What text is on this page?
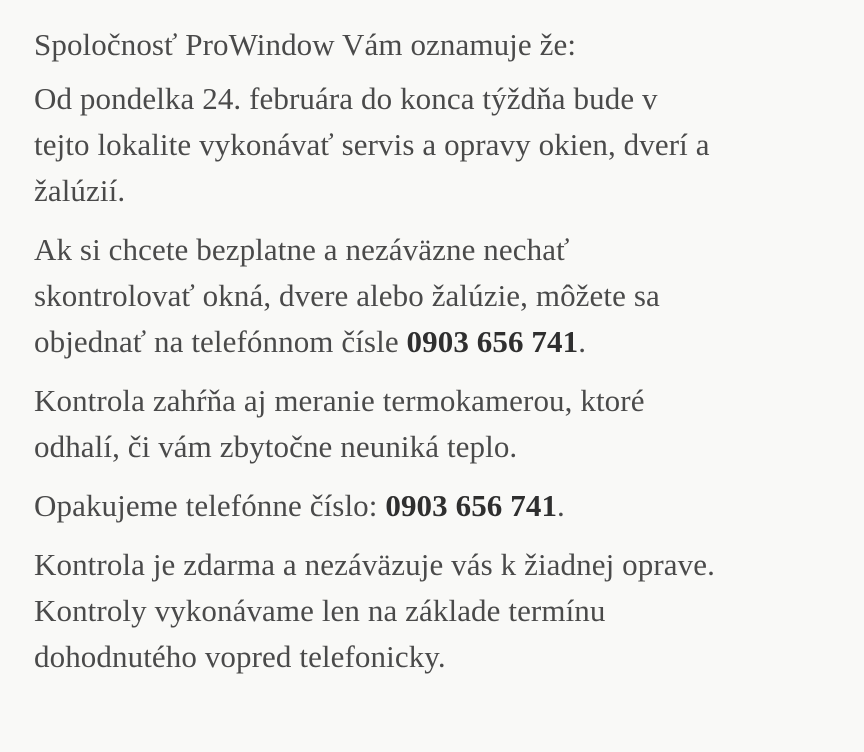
Spoločnosť ProWindow Vám oznamuje že:

Od pondelka 24. februára do konca týždňa bude v
tejto lokalite vykonávať servis a opravy okien, dverí a
žalúzií.

Ak si chcete bezplatne a nezáväzne nechať
skontrolovať okná, dvere alebo žalúzie, môžete sa
objednať na telefónnom čísle 0903 656 741.

Kontrola zahŕňa aj meranie termokamerou, ktoré
odhalí, či vám zbytočne neuniká teplo.

Opakujeme telefónne číslo: 0903 656 741.

Kontrola je zdarma a nezáväzuje vás k žiadnej oprave.
Kontroly vykonávame len na základe termínu
dohodnutého vopred telefonicky.
